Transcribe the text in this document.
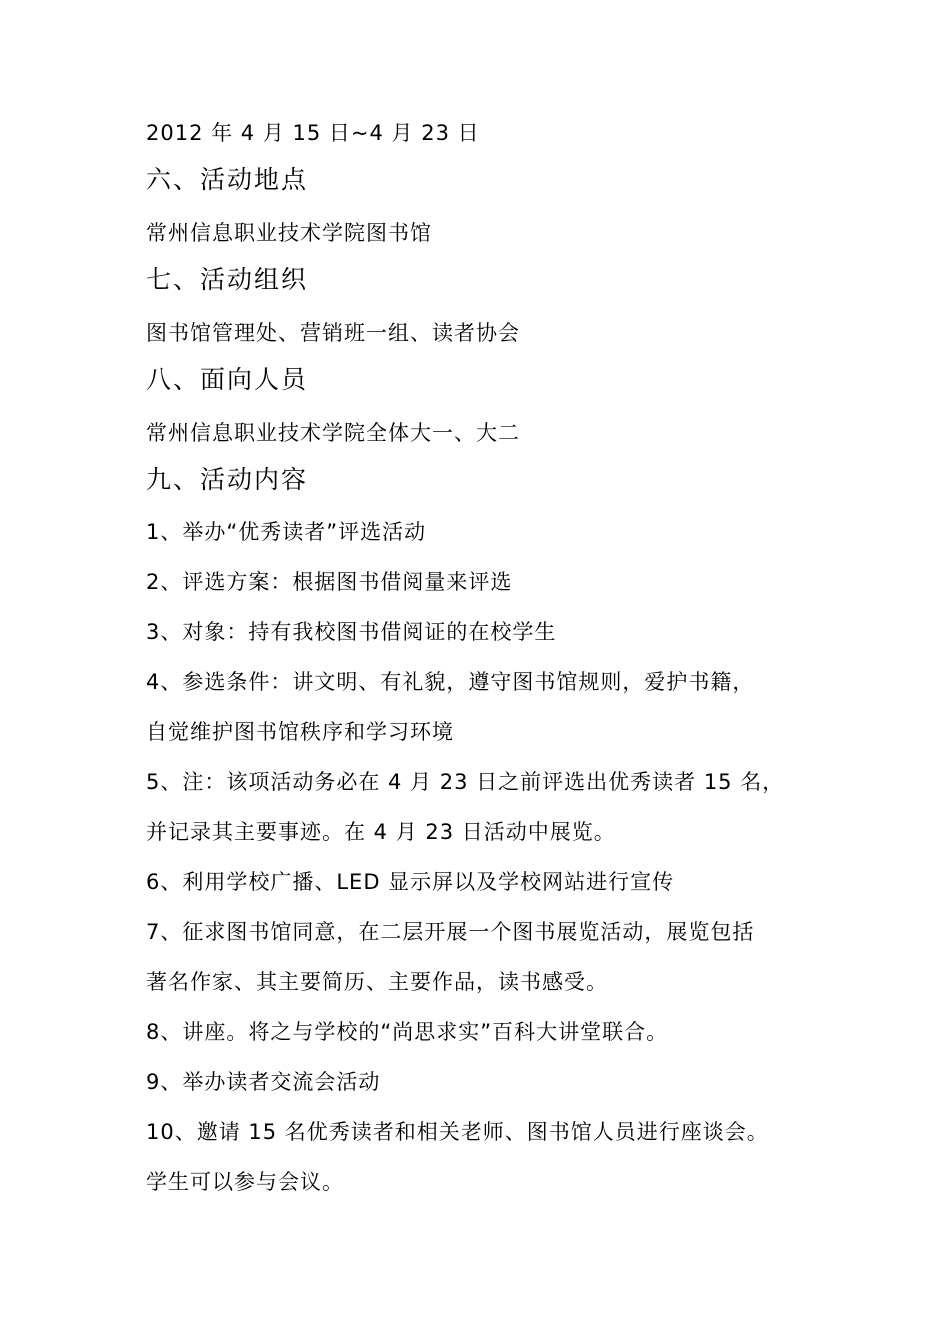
2012 年 4 月 15 日~4 月 23 日
六、活动地点
常州信息职业技术学院图书馆
七、活动组织
图书馆管理处、营销班一组、读者协会
八、面向人员
常州信息职业技术学院全体大一、大二
九、活动内容
1、举办“优秀读者”评选活动
2、评选方案：根据图书借阅量来评选
3、对象：持有我校图书借阅证的在校学生
4、参选条件：讲文明、有礼貌，遵守图书馆规则，爱护书籍，
自觉维护图书馆秩序和学习环境
5、注：该项活动务必在 4 月 23 日之前评选出优秀读者 15 名，
并记录其主要事迹。在 4 月 23 日活动中展览。
6、利用学校广播、LED 显示屏以及学校网站进行宣传
7、征求图书馆同意，在二层开展一个图书展览活动，展览包括
著名作家、其主要简历、主要作品，读书感受。
8、讲座。将之与学校的“尚思求实”百科大讲堂联合。
9、举办读者交流会活动
10、邀请 15 名优秀读者和相关老师、图书馆人员进行座谈会。
学生可以参与会议。
